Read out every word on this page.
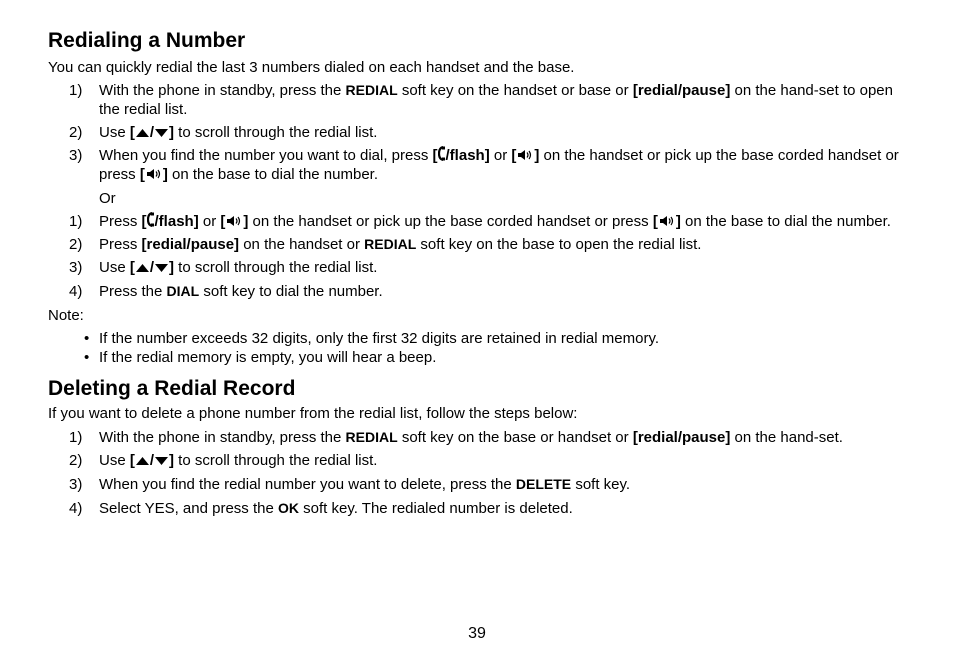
Redialing a Number

You can quickly redial the last 3 numbers dialed on each handset and the base.

1) With the phone in standby, press the REDIAL soft key on the handset or base or [redial/pause] on the hand-set to open the redial list.
2) Use [ / ] to scroll through the redial list.
3) When you find the number you want to dial, press [ /flash] or [ ] on the handset or pick up the base corded handset or press [ ] on the base to dial the number.
Or
1) Press [ /flash] or [ ] on the handset or pick up the base corded handset or press [ ] on the base to dial the number.
2) Press [redial/pause] on the handset or REDIAL soft key on the base to open the redial list.
3) Use [ / ] to scroll through the redial list.
4) Press the DIAL soft key to dial the number.
Note:
• If the number exceeds 32 digits, only the first 32 digits are retained in redial memory.
• If the redial memory is empty, you will hear a beep.
Deleting a Redial Record

If you want to delete a phone number from the redial list, follow the steps below:

1) With the phone in standby, press the REDIAL soft key on the base or handset or [redial/pause] on the hand-set.
2) Use [ / ] to scroll through the redial list.
3) When you find the redial number you want to delete, press the DELETE soft key.
4) Select YES, and press the OK soft key. The redialed number is deleted.
39
